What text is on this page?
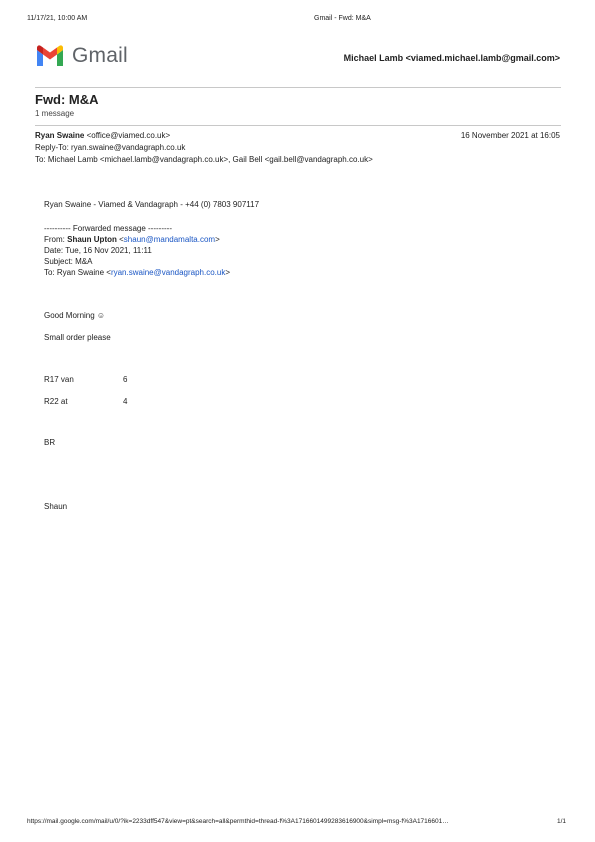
11/17/21, 10:00 AM	Gmail - Fwd: M&A
Gmail	Michael Lamb <viamed.michael.lamb@gmail.com>
Fwd: M&A
1 message
Ryan Swaine <office@viamed.co.uk>	16 November 2021 at 16:05
Reply-To: ryan.swaine@vandagraph.co.uk
To: Michael Lamb <michael.lamb@vandagraph.co.uk>, Gail Bell <gail.bell@vandagraph.co.uk>
Ryan Swaine - Viamed & Vandagraph - +44 (0) 7803 907117
---------- Forwarded message ---------
From: Shaun Upton <shaun@mandamalta.com>
Date: Tue, 16 Nov 2021, 11:11
Subject: M&A
To: Ryan Swaine <ryan.swaine@vandagraph.co.uk>
Good Morning ☺
Small order please
R17 van	6
R22 at	4
BR
Shaun
https://mail.google.com/mail/u/0/?ik=2233dff547&view=pt&search=all&permthid=thread-f%3A1716601499283616900&simpl=msg-f%3A1716601…	1/1
